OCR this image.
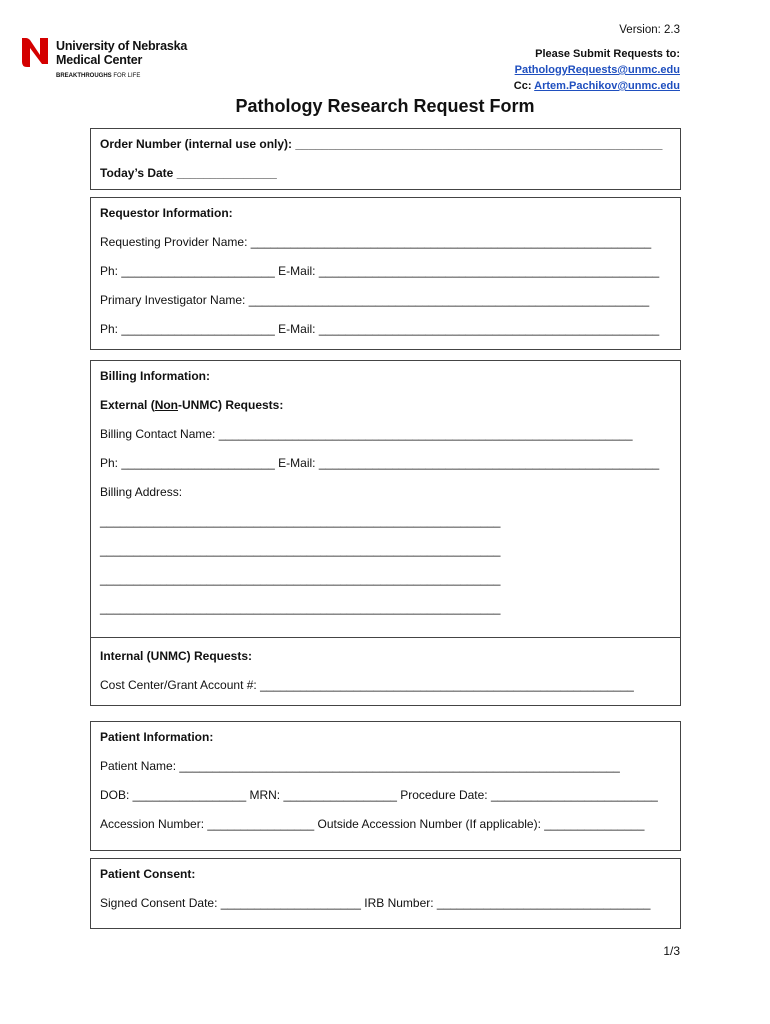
University of Nebraska
Medical Center
BREAKTHROUGHS FOR LIFE
Version: 2.3
Please Submit Requests to:
PathologyRequests@unmc.edu
Cc: Artem.Pachikov@unmc.edu
Pathology Research Request Form
Order Number (internal use only): _______________________________________________________
Today’s Date _______________
Requestor Information:
Requesting Provider Name: ____________________________________________________________
Ph: _______________________ E-Mail: ___________________________________________________
Primary Investigator Name: ____________________________________________________________
Ph: _______________________ E-Mail: ___________________________________________________
Billing Information:
External (Non-UNMC) Requests:
Billing Contact Name: ______________________________________________________________
Ph: _______________________ E-Mail: ___________________________________________________
Billing Address:
____________________________________________________________
____________________________________________________________
____________________________________________________________
____________________________________________________________
Internal (UNMC) Requests:
Cost Center/Grant Account #: ________________________________________________________
Patient Information:
Patient Name: __________________________________________________________________
DOB: _________________ MRN: _________________ Procedure Date: _________________________
Accession Number: ________________ Outside Accession Number (If applicable): _______________
Patient Consent:
Signed Consent Date: _____________________ IRB Number: ________________________________
1/3
